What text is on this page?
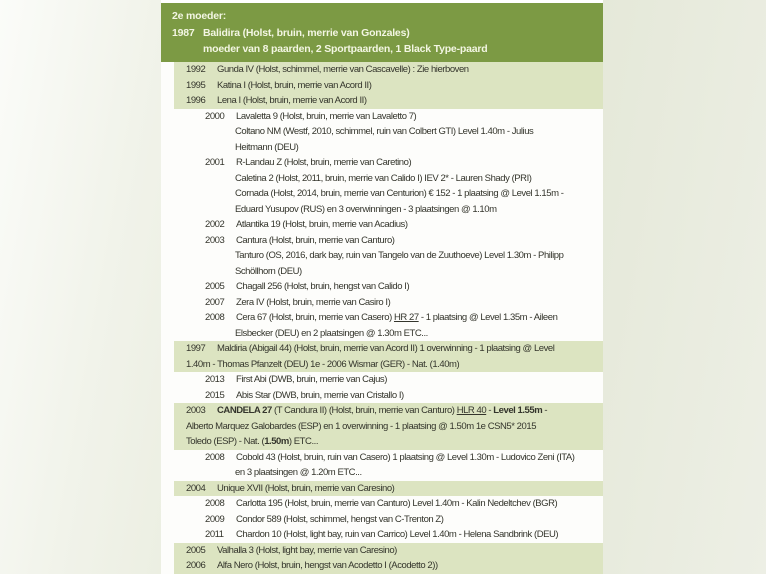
2e moeder:
1987 Balidira (Holst, bruin, merrie van Gonzales)
moeder van 8 paarden, 2 Sportpaarden, 1 Black Type-paard
1992 Gunda IV (Holst, schimmel, merrie van Cascavelle) : Zie hierboven
1995 Katina I (Holst, bruin, merrie van Acord II)
1996 Lena I (Holst, bruin, merrie van Acord II)
2000 Lavaletta 9 (Holst, bruin, merrie van Lavaletto 7)
Coltano NM (Westf, 2010, schimmel, ruin van Colbert GTI) Level 1.40m - Julius
Heitmann (DEU)
2001 R-Landau Z (Holst, bruin, merrie van Caretino)
Caletina 2 (Holst, 2011, bruin, merrie van Calido I) IEV 2* - Lauren Shady (PRI)
Cornada (Holst, 2014, bruin, merrie van Centurion) € 152 - 1 plaatsing @ Level 1.15m -
Eduard Yusupov (RUS) en 3 overwinningen - 3 plaatsingen @ 1.10m
2002 Atlantika 19 (Holst, bruin, merrie van Acadius)
2003 Cantura (Holst, bruin, merrie van Canturo)
Tanturo (OS, 2016, dark bay, ruin van Tangelo van de Zuuthoeve) Level 1.30m - Philipp
Schöllhorn (DEU)
2005 Chagall 256 (Holst, bruin, hengst van Calido I)
2007 Zera IV (Holst, bruin, merrie van Casiro I)
2008 Cera 67 (Holst, bruin, merrie van Casero) HR 27 - 1 plaatsing @ Level 1.35m - Aileen
Elsbecker (DEU) en 2 plaatsingen @ 1.30m ETC...
1997 Maldiria (Abigail 44) (Holst, bruin, merrie van Acord II) 1 overwinning - 1 plaatsing @ Level
1.40m - Thomas Pfanzelt (DEU) 1e - 2006 Wismar (GER) - Nat. (1.40m)
2013 First Abi (DWB, bruin, merrie van Cajus)
2015 Abis Star (DWB, bruin, merrie van Cristallo I)
2003 CANDELA 27 (T Candura II) (Holst, bruin, merrie van Canturo) HLR 40 - Level 1.55m -
Alberto Marquez Galobardes (ESP) en 1 overwinning - 1 plaatsing @ 1.50m 1e CSN5* 2015
Toledo (ESP) - Nat. (1.50m) ETC...
2008 Cobold 43 (Holst, bruin, ruin van Casero) 1 plaatsing @ Level 1.30m - Ludovico Zeni (ITA)
en 3 plaatsingen @ 1.20m ETC...
2004 Unique XVII (Holst, bruin, merrie van Caresino)
2008 Carlotta 195 (Holst, bruin, merrie van Canturo) Level 1.40m - Kalin Nedeltchev (BGR)
2009 Condor 589 (Holst, schimmel, hengst van C-Trenton Z)
2011 Chardon 10 (Holst, light bay, ruin van Carrico) Level 1.40m - Helena Sandbrink (DEU)
2005 Valhalla 3 (Holst, light bay, merrie van Caresino)
2006 Alfa Nero (Holst, bruin, hengst van Acodetto I (Acodetto 2))
